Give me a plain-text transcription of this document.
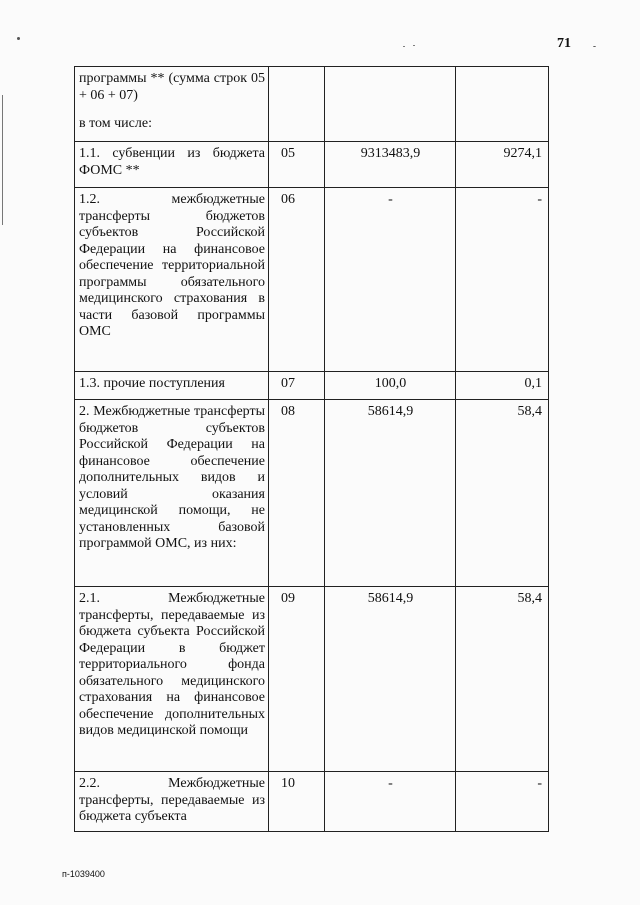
71
программы ** (сумма строк 05 + 06 + 07)
в том числе:			

1.1. субвенции из бюджета ФОМС **	05	9313483,9	9274,1
1.2. межбюджетные трансферты бюджетов субъектов Российской Федерации на финансовое обеспечение территориальной программы обязательного медицинского страхования в части базовой программы ОМС	06	-	-
1.3. прочие поступления	07	100,0	0,1
2. Межбюджетные трансферты бюджетов субъектов Российской Федерации на финансовое обеспечение дополнительных видов и условий оказания медицинской помощи, не установленных базовой программой ОМС, из них:	08	58614,9	58,4
2.1. Межбюджетные трансферты, передаваемые из бюджета субъекта Российской Федерации в бюджет территориального фонда обязательного медицинского страхования на финансовое обеспечение дополнительных видов медицинской помощи	09	58614,9	58,4
2.2. Межбюджетные трансферты, передаваемые из бюджета субъекта	10	-	-
п-1039400
